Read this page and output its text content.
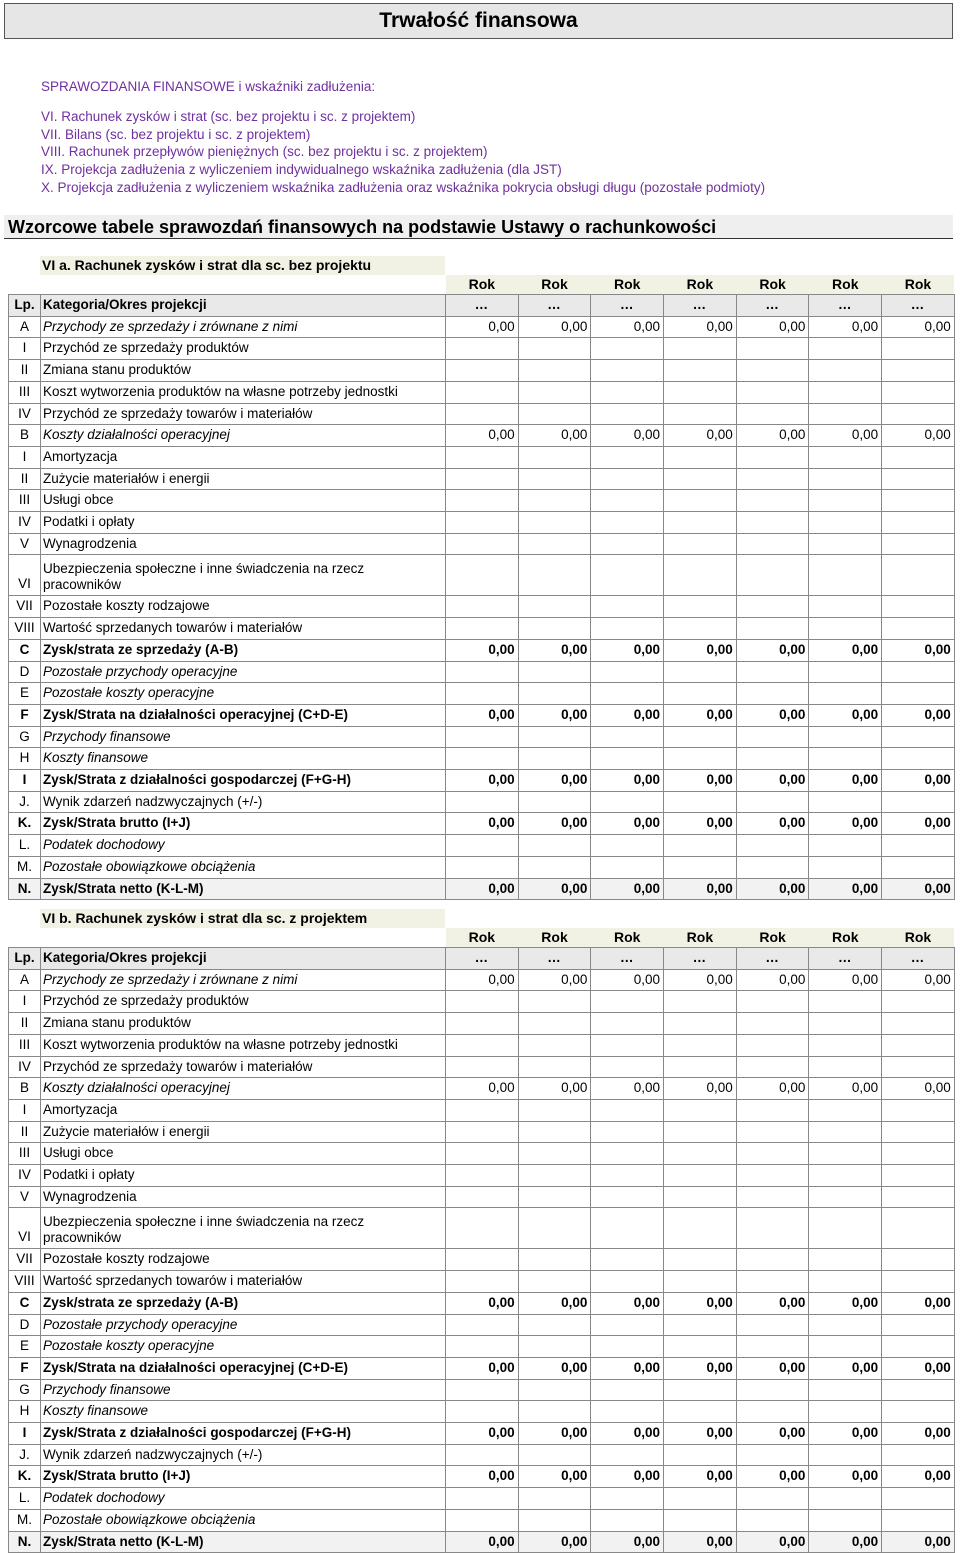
Trwałość finansowa
SPRAWOZDANIA FINANSOWE i wskaźniki zadłużenia:
VI. Rachunek zysków i strat (sc. bez projektu i sc. z projektem)
VII. Bilans (sc. bez projektu i sc. z projektem)
VIII. Rachunek przepływów pieniężnych (sc. bez projektu i sc. z projektem)
IX. Projekcja zadłużenia z wyliczeniem indywidualnego wskaźnika zadłużenia (dla JST)
X. Projekcja zadłużenia z wyliczeniem wskaźnika zadłużenia oraz wskaźnika pokrycia obsługi długu (pozostałe podmioty)
Wzorcowe tabele sprawozdań finansowych na podstawie Ustawy o rachunkowości
VI a. Rachunek zysków i strat dla sc. bez projektu
		Rok	Rok	Rok	Rok	Rok	Rok	Rok
Lp.	Kategoria/Okres projekcji	…	…	…	…	…	…	…
A	Przychody ze sprzedaży i zrównane z nimi	0,00	0,00	0,00	0,00	0,00	0,00	0,00
I	Przychód ze sprzedaży produktów							
II	Zmiana stanu produktów							
III	Koszt wytworzenia produktów na własne potrzeby jednostki							
IV	Przychód ze sprzedaży towarów i materiałów							
B	Koszty działalności operacyjnej	0,00	0,00	0,00	0,00	0,00	0,00	0,00
I	Amortyzacja							
II	Zużycie materiałów i energii							
III	Usługi obce							
IV	Podatki i opłaty							
V	Wynagrodzenia							
VI	Ubezpieczenia społeczne i inne świadczenia na rzecz pracowników							
VII	Pozostałe koszty rodzajowe							
VIII	Wartość sprzedanych towarów i materiałów							
C	Zysk/strata ze sprzedaży (A-B)	0,00	0,00	0,00	0,00	0,00	0,00	0,00
D	Pozostałe przychody operacyjne							
E	Pozostałe koszty operacyjne							
F	Zysk/Strata na działalności operacyjnej (C+D-E)	0,00	0,00	0,00	0,00	0,00	0,00	0,00
G	Przychody finansowe							
H	Koszty finansowe							
I	Zysk/Strata z działalności gospodarczej (F+G-H)	0,00	0,00	0,00	0,00	0,00	0,00	0,00
J.	Wynik zdarzeń nadzwyczajnych (+/-)							
K.	Zysk/Strata brutto (I+J)	0,00	0,00	0,00	0,00	0,00	0,00	0,00
L.	Podatek dochodowy							
M.	Pozostałe obowiązkowe obciążenia							
N.	Zysk/Strata netto (K-L-M)	0,00	0,00	0,00	0,00	0,00	0,00	0,00
VI b. Rachunek zysków i strat dla sc. z projektem
		Rok	Rok	Rok	Rok	Rok	Rok	Rok
Lp.	Kategoria/Okres projekcji	…	…	…	…	…	…	…
A	Przychody ze sprzedaży i zrównane z nimi	0,00	0,00	0,00	0,00	0,00	0,00	0,00
I	Przychód ze sprzedaży produktów							
II	Zmiana stanu produktów							
III	Koszt wytworzenia produktów na własne potrzeby jednostki							
IV	Przychód ze sprzedaży towarów i materiałów							
B	Koszty działalności operacyjnej	0,00	0,00	0,00	0,00	0,00	0,00	0,00
I	Amortyzacja							
II	Zużycie materiałów i energii							
III	Usługi obce							
IV	Podatki i opłaty							
V	Wynagrodzenia							
VI	Ubezpieczenia społeczne i inne świadczenia na rzecz pracowników							
VII	Pozostałe koszty rodzajowe							
VIII	Wartość sprzedanych towarów i materiałów							
C	Zysk/strata ze sprzedaży (A-B)	0,00	0,00	0,00	0,00	0,00	0,00	0,00
D	Pozostałe przychody operacyjne							
E	Pozostałe koszty operacyjne							
F	Zysk/Strata na działalności operacyjnej (C+D-E)	0,00	0,00	0,00	0,00	0,00	0,00	0,00
G	Przychody finansowe							
H	Koszty finansowe							
I	Zysk/Strata z działalności gospodarczej (F+G-H)	0,00	0,00	0,00	0,00	0,00	0,00	0,00
J.	Wynik zdarzeń nadzwyczajnych (+/-)							
K.	Zysk/Strata brutto (I+J)	0,00	0,00	0,00	0,00	0,00	0,00	0,00
L.	Podatek dochodowy							
M.	Pozostałe obowiązkowe obciążenia							
N.	Zysk/Strata netto (K-L-M)	0,00	0,00	0,00	0,00	0,00	0,00	0,00
